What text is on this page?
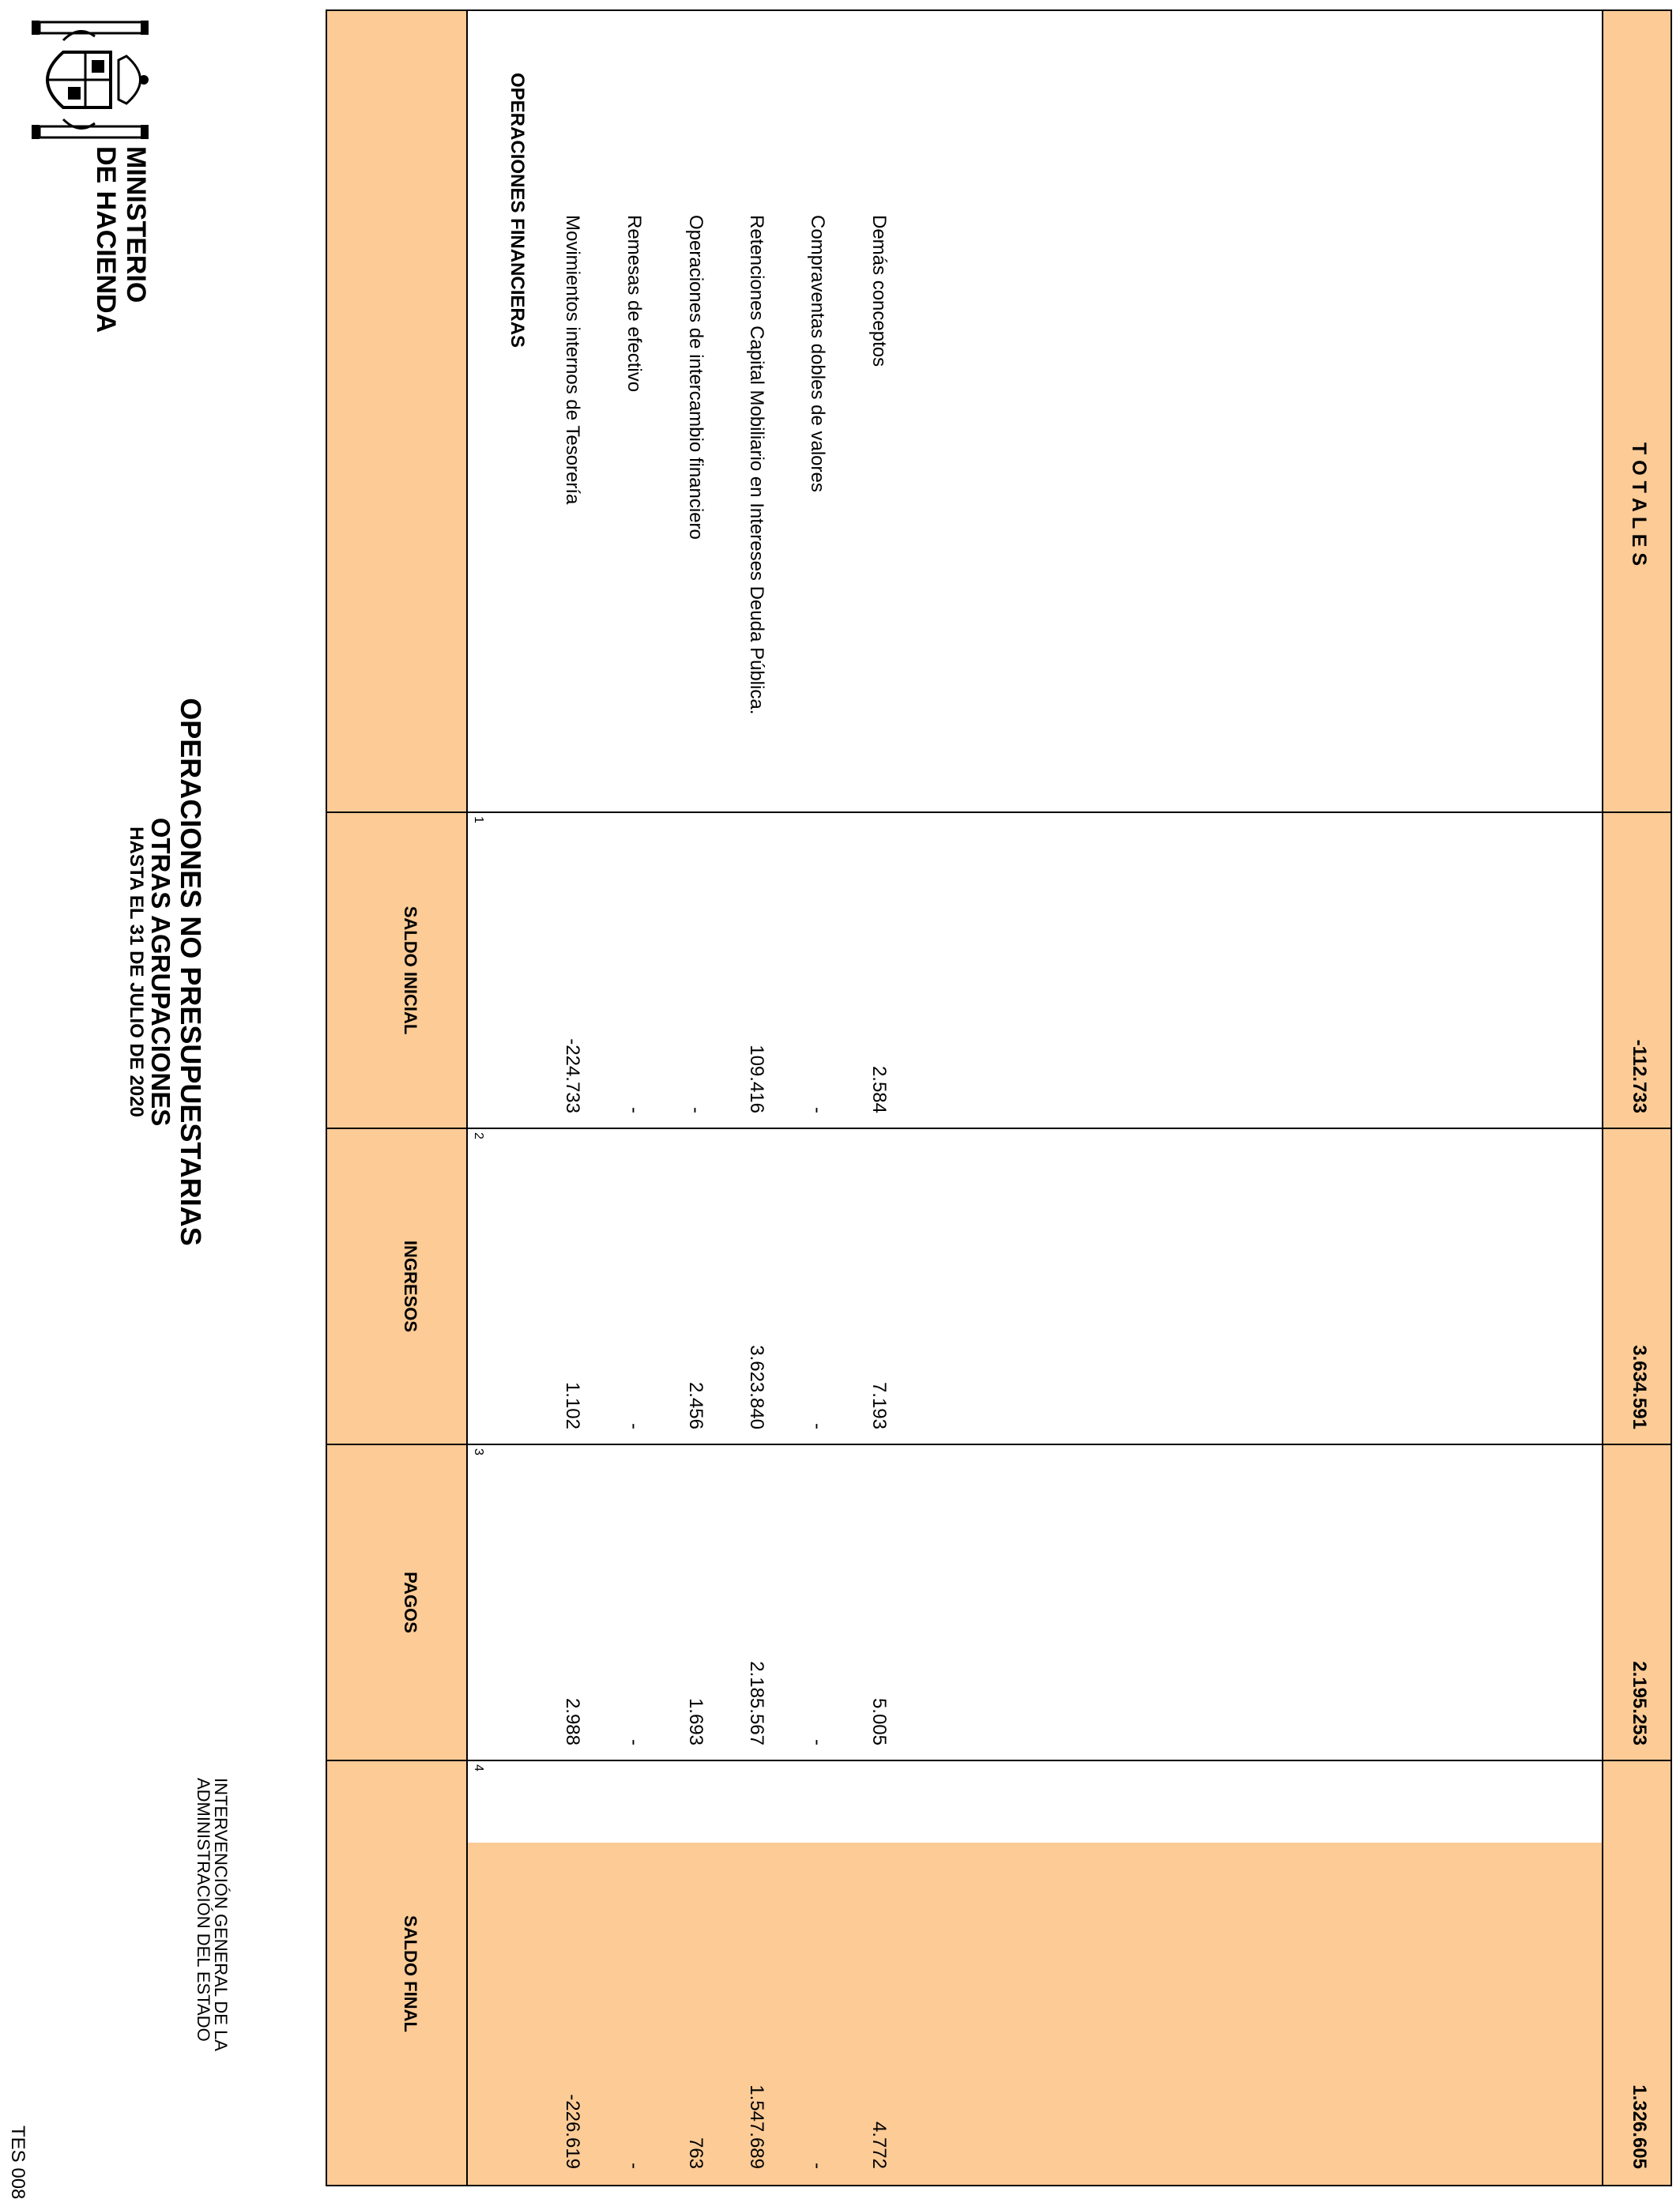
MINISTERIO
DE HACIENDA
OPERACIONES NO PRESUPUESTARIAS
OTRAS AGRUPACIONES
HASTA EL 31 DE JULIO DE 2020
INTERVENCIÓN GENERAL DE LA
ADMINISTRACIÓN DEL ESTADO
SALDO INICIAL
INGRESOS
PAGOS
SALDO FINAL
1
2
3
4
OPERACIONES FINANCIERAS
Movimientos internos de Tesorería Remesas de efectivo Operaciones de intercambio financiero Retenciones Capital Mobiliario en Intereses Deuda Pública. Compraventas dobles de valores Demás conceptos
-224.733
1.102
2.988
-226.619
-
-
-
-
-
2.456
1.693
763
109.416
3.623.840
2.185.567
1.547.689
-
-
-
-
2.584
7.193
5.005
4.772
T O T A L E S
-112.733
3.634.591
2.195.253
1.326.605
TES 008
